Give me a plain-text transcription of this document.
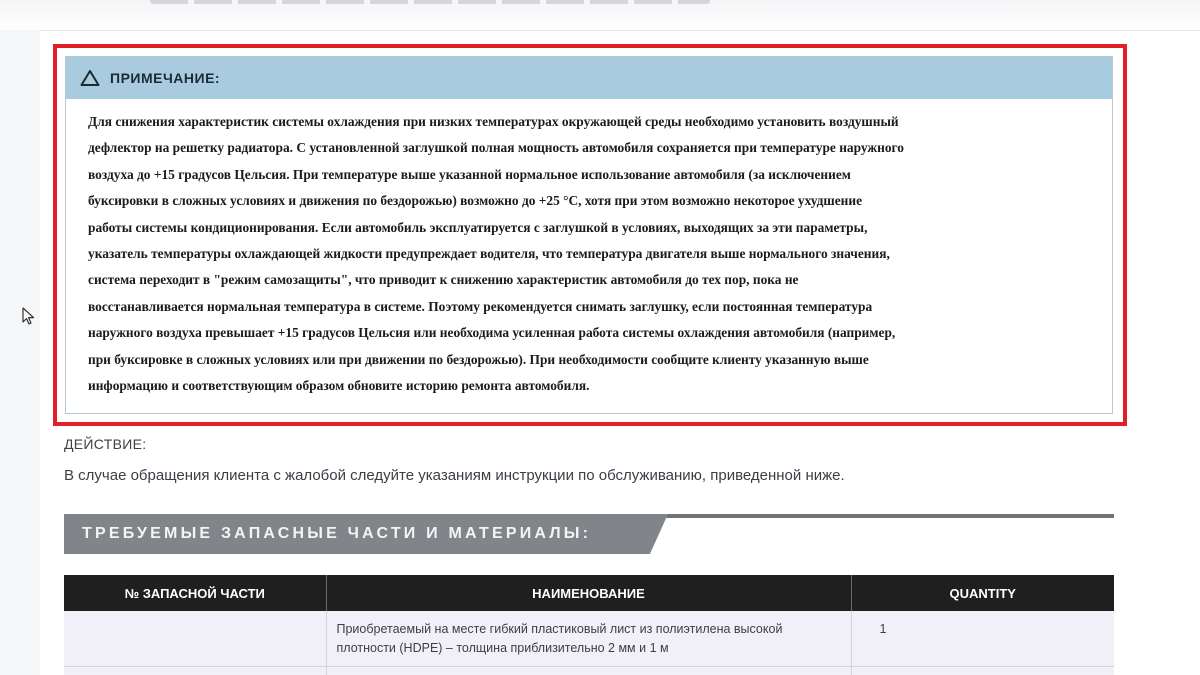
ПРИМЕЧАНИЕ:
Для снижения характеристик системы охлаждения при низких температурах окружающей среды необходимо установить воздушный
дефлектор на решетку радиатора. С установленной заглушкой полная мощность автомобиля сохраняется при температуре наружного
воздуха до +15 градусов Цельсия. При температуре выше указанной нормальное использование автомобиля (за исключением
буксировки в сложных условиях и движения по бездорожью) возможно до +25 °C, хотя при этом возможно некоторое ухудшение
работы системы кондиционирования. Если автомобиль эксплуатируется с заглушкой в условиях, выходящих за эти параметры,
указатель температуры охлаждающей жидкости предупреждает водителя, что температура двигателя выше нормального значения,
система переходит в "режим самозащиты", что приводит к снижению характеристик автомобиля до тех пор, пока не
восстанавливается нормальная температура в системе. Поэтому рекомендуется снимать заглушку, если постоянная температура
наружного воздуха превышает +15 градусов Цельсия или необходима усиленная работа системы охлаждения автомобиля (например,
при буксировке в сложных условиях или при движении по бездорожью). При необходимости сообщите клиенту указанную выше
информацию и соответствующим образом обновите историю ремонта автомобиля.
ДЕЙСТВИЕ:
В случае обращения клиента с жалобой следуйте указаниям инструкции по обслуживанию, приведенной ниже.
ТРЕБУЕМЫЕ ЗАПАСНЫЕ ЧАСТИ И МАТЕРИАЛЫ:
№ ЗАПАСНОЙ ЧАСТИ	НАИМЕНОВАНИЕ	QUANTITY
	Приобретаемый на месте гибкий пластиковый лист из полиэтилена высокой плотности (HDPE) – толщина приблизительно 2 мм и 1 м	1
